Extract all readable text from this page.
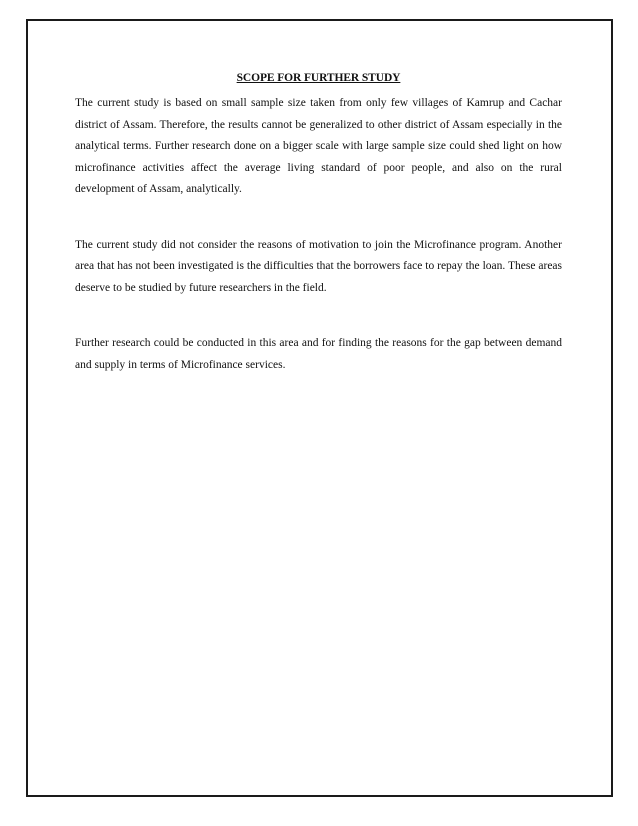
SCOPE FOR FURTHER STUDY

The current study is based on small sample size taken from only few villages of Kamrup and Cachar district of Assam. Therefore, the results cannot be generalized to other district of Assam especially in the analytical terms. Further research done on a bigger scale with large sample size could shed light on how microfinance activities affect the average living standard of poor people, and also on the rural development of Assam, analytically.

The current study did not consider the reasons of motivation to join the Microfinance program. Another area that has not been investigated is the difficulties that the borrowers face to repay the loan. These areas deserve to be studied by future researchers in the field.

Further research could be conducted in this area and for finding the reasons for the gap between demand and supply in terms of Microfinance services.
